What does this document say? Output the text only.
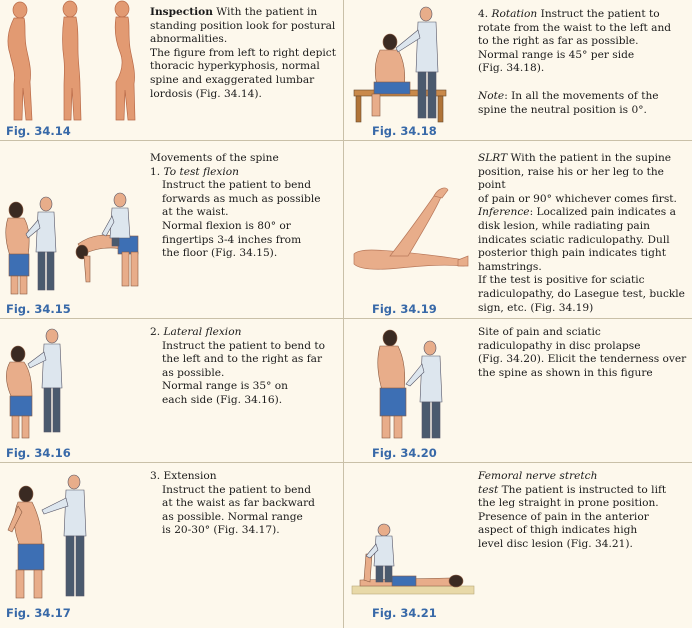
Fig. 34.14

Inspection With the patient in

standing position look for postural

abnormalities.

The figure from left to right depict

thoracic hyperkyphosis, normal

spine and exaggerated lumbar

lordosis (Fig. 34.14).

Fig. 34.15

Movements of the spine

1. To test flexion

Instruct the patient to bend

forwards as much as possible

at the waist.

Normal flexion is 80° or

fingertips 3-4 inches from

the floor (Fig. 34.15).

Fig. 34.16

2. Lateral flexion

Instruct the patient to bend to

the left and to the right as far

as possible.

Normal range is 35° on

each side (Fig. 34.16).

Fig. 34.17

3. Extension

Instruct the patient to bend

at the waist as far backward

as possible. Normal range

is 20-30° (Fig. 34.17).

Fig. 34.18

4. Rotation Instruct the patient to

rotate from the waist to the left and

to the right as far as possible.

Normal range is 45° per side

(Fig. 34.18).

Note: In all the movements of the

spine the neutral position is 0°.

Fig. 34.19

SLRT With the patient in the supine

position, raise his or her leg to the point

of pain or 90° whichever comes first.

Inference: Localized pain indicates a

disk lesion, while radiating pain

indicates sciatic radiculopathy. Dull

posterior thigh pain indicates tight

hamstrings.

If the test is positive for sciatic

radiculopathy, do Lasegue test, buckle

sign, etc. (Fig. 34.19)

Fig. 34.20

Site of pain and sciatic

radiculopathy in disc prolapse

(Fig. 34.20). Elicit the tenderness over

the spine as shown in this figure

Fig. 34.21

Femoral nerve stretch

test The patient is instructed to lift

the leg straight in prone position.

Presence of pain in the anterior

aspect of thigh indicates high

level disc lesion (Fig. 34.21).
